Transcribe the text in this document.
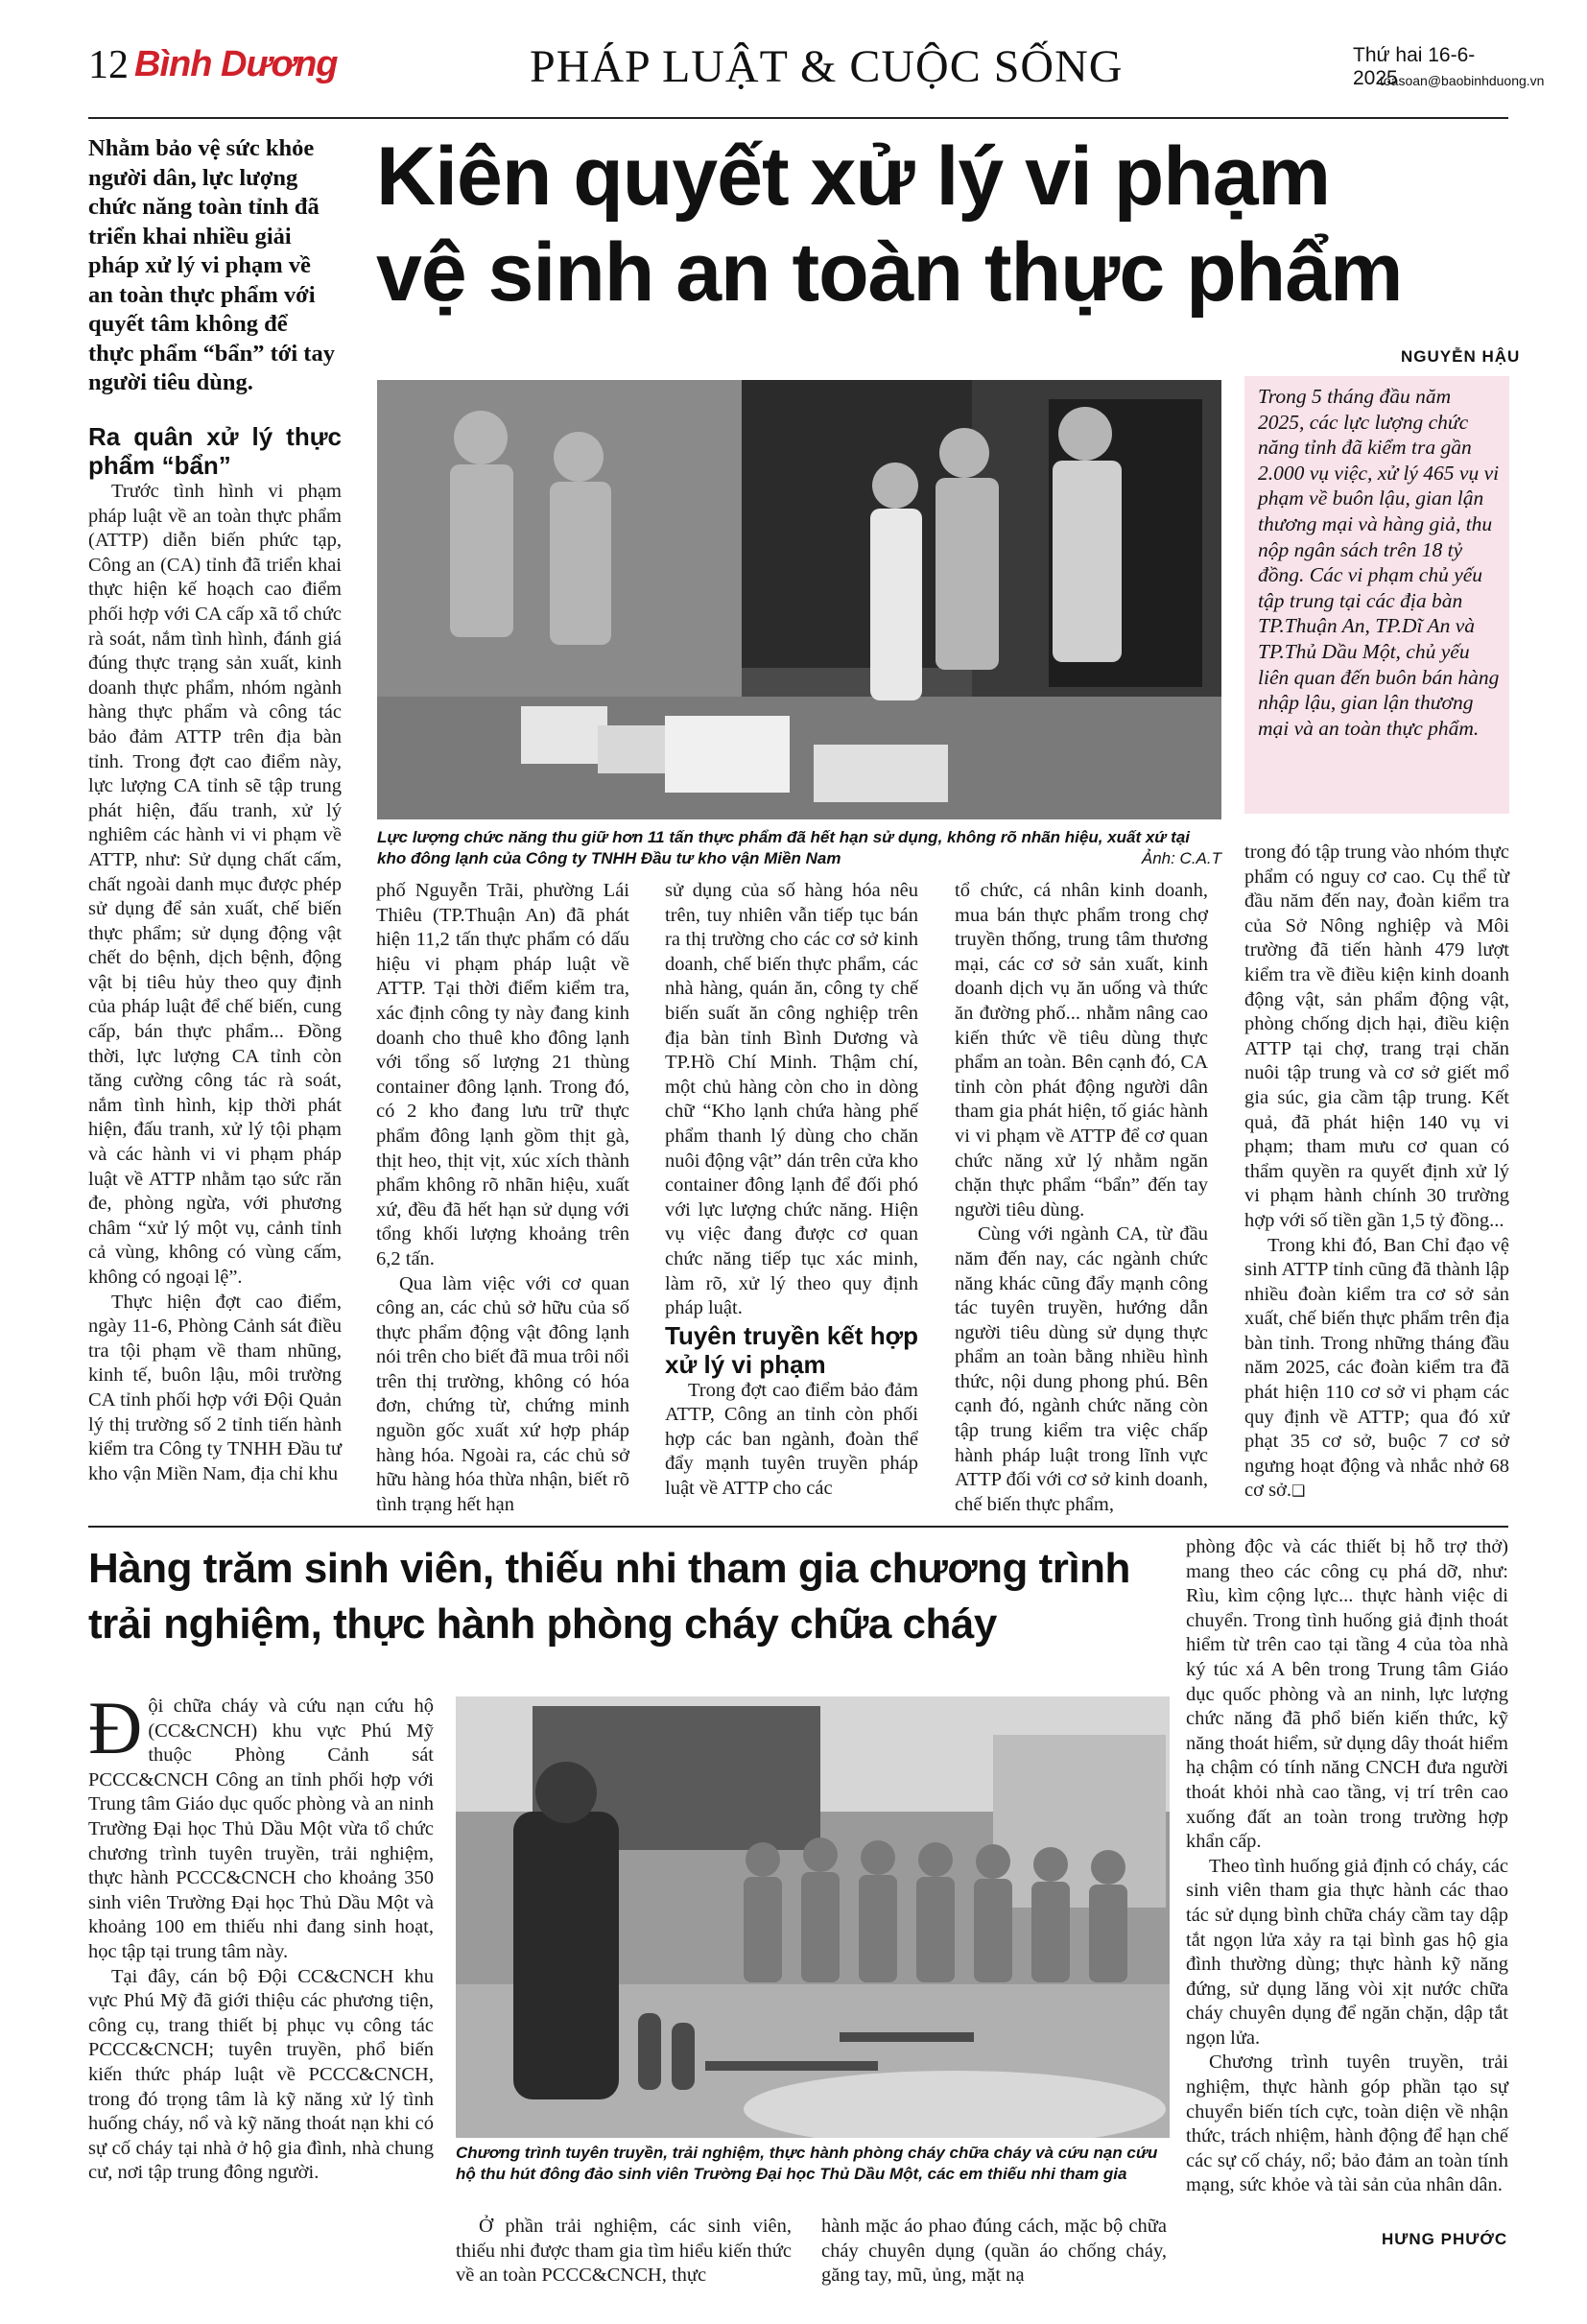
12 Bình Dương	PHÁP LUẬT & CUỘC SỐNG	Thứ hai 16-6-2025
toasoan@baobinhduong.vn
Nhằm bảo vệ sức khỏe người dân, lực lượng chức năng toàn tỉnh đã triển khai nhiều giải pháp xử lý vi phạm về an toàn thực phẩm với quyết tâm không để thực phẩm “bẩn” tới tay người tiêu dùng.
Kiên quyết xử lý vi phạm
vệ sinh an toàn thực phẩm
NGUYỄN HẬU
Lực lượng chức năng thu giữ hơn 11 tấn thực phẩm đã hết hạn sử dụng, không rõ nhãn hiệu, xuất xứ tại kho đông lạnh của Công ty TNHH Đầu tư kho vận Miền Nam	Ảnh: C.A.T
Trong 5 tháng đầu năm 2025, các lực lượng chức năng tỉnh đã kiểm tra gần 2.000 vụ việc, xử lý 465 vụ vi phạm về buôn lậu, gian lận thương mại và hàng giả, thu nộp ngân sách trên 18 tỷ đồng. Các vi phạm chủ yếu tập trung tại các địa bàn TP.Thuận An, TP.Dĩ An và TP.Thủ Dầu Một, chủ yếu liên quan đến buôn bán hàng nhập lậu, gian lận thương mại và an toàn thực phẩm.

Ra quân xử lý thực phẩm “bẩn”

Trước tình hình vi phạm pháp luật về an toàn thực phẩm (ATTP) diễn biến phức tạp, Công an (CA) tỉnh đã triển khai thực hiện kế hoạch cao điểm phối hợp với CA cấp xã tổ chức rà soát, nắm tình hình, đánh giá đúng thực trạng sản xuất, kinh doanh thực phẩm, nhóm ngành hàng thực phẩm và công tác bảo đảm ATTP trên địa bàn tỉnh. Trong đợt cao điểm này, lực lượng CA tỉnh sẽ tập trung phát hiện, đấu tranh, xử lý nghiêm các hành vi vi phạm về ATTP, như: Sử dụng chất cấm, chất ngoài danh mục được phép sử dụng để sản xuất, chế biến thực phẩm; sử dụng động vật chết do bệnh, dịch bệnh, động vật bị tiêu hủy theo quy định của pháp luật để chế biến, cung cấp, bán thực phẩm... Đồng thời, lực lượng CA tỉnh còn tăng cường công tác rà soát, nắm tình hình, kịp thời phát hiện, đấu tranh, xử lý tội phạm và các hành vi vi phạm pháp luật về ATTP nhằm tạo sức răn đe, phòng ngừa, với phương châm “xử lý một vụ, cảnh tỉnh cả vùng, không có vùng cấm, không có ngoại lệ”.

Thực hiện đợt cao điểm, ngày 11-6, Phòng Cảnh sát điều tra tội phạm về tham nhũng, kinh tế, buôn lậu, môi trường CA tỉnh phối hợp với Đội Quản lý thị trường số 2 tỉnh tiến hành kiểm tra Công ty TNHH Đầu tư kho vận Miền Nam, địa chỉ khu

phố Nguyễn Trãi, phường Lái Thiêu (TP.Thuận An) đã phát hiện 11,2 tấn thực phẩm có dấu hiệu vi phạm pháp luật về ATTP. Tại thời điểm kiểm tra, xác định công ty này đang kinh doanh cho thuê kho đông lạnh với tổng số lượng 21 thùng container đông lạnh. Trong đó, có 2 kho đang lưu trữ thực phẩm đông lạnh gồm thịt gà, thịt heo, thịt vịt, xúc xích thành phẩm không rõ nhãn hiệu, xuất xứ, đều đã hết hạn sử dụng với tổng khối lượng khoảng trên 6,2 tấn.

Qua làm việc với cơ quan công an, các chủ sở hữu của số thực phẩm động vật đông lạnh nói trên cho biết đã mua trôi nổi trên thị trường, không có hóa đơn, chứng từ, chứng minh nguồn gốc xuất xứ hợp pháp hàng hóa. Ngoài ra, các chủ sở hữu hàng hóa thừa nhận, biết rõ tình trạng hết hạn

sử dụng của số hàng hóa nêu trên, tuy nhiên vẫn tiếp tục bán ra thị trường cho các cơ sở kinh doanh, chế biến thực phẩm, các nhà hàng, quán ăn, công ty chế biến suất ăn công nghiệp trên địa bàn tỉnh Bình Dương và TP.Hồ Chí Minh. Thậm chí, một chủ hàng còn cho in dòng chữ “Kho lạnh chứa hàng phế phẩm thanh lý dùng cho chăn nuôi động vật” dán trên cửa kho container đông lạnh để đối phó với lực lượng chức năng. Hiện vụ việc đang được cơ quan chức năng tiếp tục xác minh, làm rõ, xử lý theo quy định pháp luật.

Tuyên truyền kết hợp xử lý vi phạm

Trong đợt cao điểm bảo đảm ATTP, Công an tỉnh còn phối hợp các ban ngành, đoàn thể đẩy mạnh tuyên truyền pháp luật về ATTP cho các

tổ chức, cá nhân kinh doanh, mua bán thực phẩm trong chợ truyền thống, trung tâm thương mại, các cơ sở sản xuất, kinh doanh dịch vụ ăn uống và thức ăn đường phố... nhằm nâng cao kiến thức về tiêu dùng thực phẩm an toàn. Bên cạnh đó, CA tỉnh còn phát động người dân tham gia phát hiện, tố giác hành vi vi phạm về ATTP để cơ quan chức năng xử lý nhằm ngăn chặn thực phẩm “bẩn” đến tay người tiêu dùng.

Cùng với ngành CA, từ đầu năm đến nay, các ngành chức năng khác cũng đẩy mạnh công tác tuyên truyền, hướng dẫn người tiêu dùng sử dụng thực phẩm an toàn bằng nhiều hình thức, nội dung phong phú. Bên cạnh đó, ngành chức năng còn tập trung kiểm tra việc chấp hành pháp luật trong lĩnh vực ATTP đối với cơ sở kinh doanh, chế biến thực phẩm,

trong đó tập trung vào nhóm thực phẩm có nguy cơ cao. Cụ thể từ đầu năm đến nay, đoàn kiểm tra của Sở Nông nghiệp và Môi trường đã tiến hành 479 lượt kiểm tra về điều kiện kinh doanh động vật, sản phẩm động vật, phòng chống dịch hại, điều kiện ATTP tại chợ, trang trại chăn nuôi tập trung và cơ sở giết mổ gia súc, gia cầm tập trung. Kết quả, đã phát hiện 140 vụ vi phạm; tham mưu cơ quan có thẩm quyền ra quyết định xử lý vi phạm hành chính 30 trường hợp với số tiền gần 1,5 tỷ đồng...

Trong khi đó, Ban Chỉ đạo vệ sinh ATTP tỉnh cũng đã thành lập nhiều đoàn kiểm tra cơ sở sản xuất, chế biến thực phẩm trên địa bàn tỉnh. Trong những tháng đầu năm 2025, các đoàn kiểm tra đã phát hiện 110 cơ sở vi phạm các quy định về ATTP; qua đó xử phạt 35 cơ sở, buộc 7 cơ sở ngưng hoạt động và nhắc nhở 68 cơ sở.❑

Hàng trăm sinh viên, thiếu nhi tham gia chương trình
trải nghiệm, thực hành phòng cháy chữa cháy
Chương trình tuyên truyền, trải nghiệm, thực hành phòng cháy chữa cháy và cứu nạn cứu hộ thu hút đông đảo sinh viên Trường Đại học Thủ Dầu Một, các em thiếu nhi tham gia

Đội chữa cháy và cứu nạn cứu hộ (CC&CNCH) khu vực Phú Mỹ thuộc Phòng Cảnh sát PCCC&CNCH Công an tỉnh phối hợp với Trung tâm Giáo dục quốc phòng và an ninh Trường Đại học Thủ Dầu Một vừa tổ chức chương trình tuyên truyền, trải nghiệm, thực hành PCCC&CNCH cho khoảng 350 sinh viên Trường Đại học Thủ Dầu Một và khoảng 100 em thiếu nhi đang sinh hoạt, học tập tại trung tâm này.

Tại đây, cán bộ Đội CC&CNCH khu vực Phú Mỹ đã giới thiệu các phương tiện, công cụ, trang thiết bị phục vụ công tác PCCC&CNCH; tuyên truyền, phổ biến kiến thức pháp luật về PCCC&CNCH, trong đó trọng tâm là kỹ năng xử lý tình huống cháy, nổ và kỹ năng thoát nạn khi có sự cố cháy tại nhà ở hộ gia đình, nhà chung cư, nơi tập trung đông người.

Ở phần trải nghiệm, các sinh viên, thiếu nhi được tham gia tìm hiểu kiến thức về an toàn PCCC&CNCH, thực

hành mặc áo phao đúng cách, mặc bộ chữa cháy chuyên dụng (quần áo chống cháy, găng tay, mũ, ủng, mặt nạ

phòng độc và các thiết bị hỗ trợ thở) mang theo các công cụ phá dỡ, như: Rìu, kìm cộng lực... thực hành việc di chuyển. Trong tình huống giả định thoát hiểm từ trên cao tại tầng 4 của tòa nhà ký túc xá A bên trong Trung tâm Giáo dục quốc phòng và an ninh, lực lượng chức năng đã phổ biến kiến thức, kỹ năng thoát hiểm, sử dụng dây thoát hiểm hạ chậm có tính năng CNCH đưa người thoát khỏi nhà cao tầng, vị trí trên cao xuống đất an toàn trong trường hợp khẩn cấp.

Theo tình huống giả định có cháy, các sinh viên tham gia thực hành các thao tác sử dụng bình chữa cháy cầm tay dập tắt ngọn lửa xảy ra tại bình gas hộ gia đình thường dùng; thực hành kỹ năng đứng, sử dụng lăng vòi xịt nước chữa cháy chuyên dụng để ngăn chặn, dập tắt ngọn lửa.

Chương trình tuyên truyền, trải nghiệm, thực hành góp phần tạo sự chuyển biến tích cực, toàn diện về nhận thức, trách nhiệm, hành động để hạn chế các sự cố cháy, nổ; bảo đảm an toàn tính mạng, sức khỏe và tài sản của nhân dân.

HƯNG PHƯỚC
